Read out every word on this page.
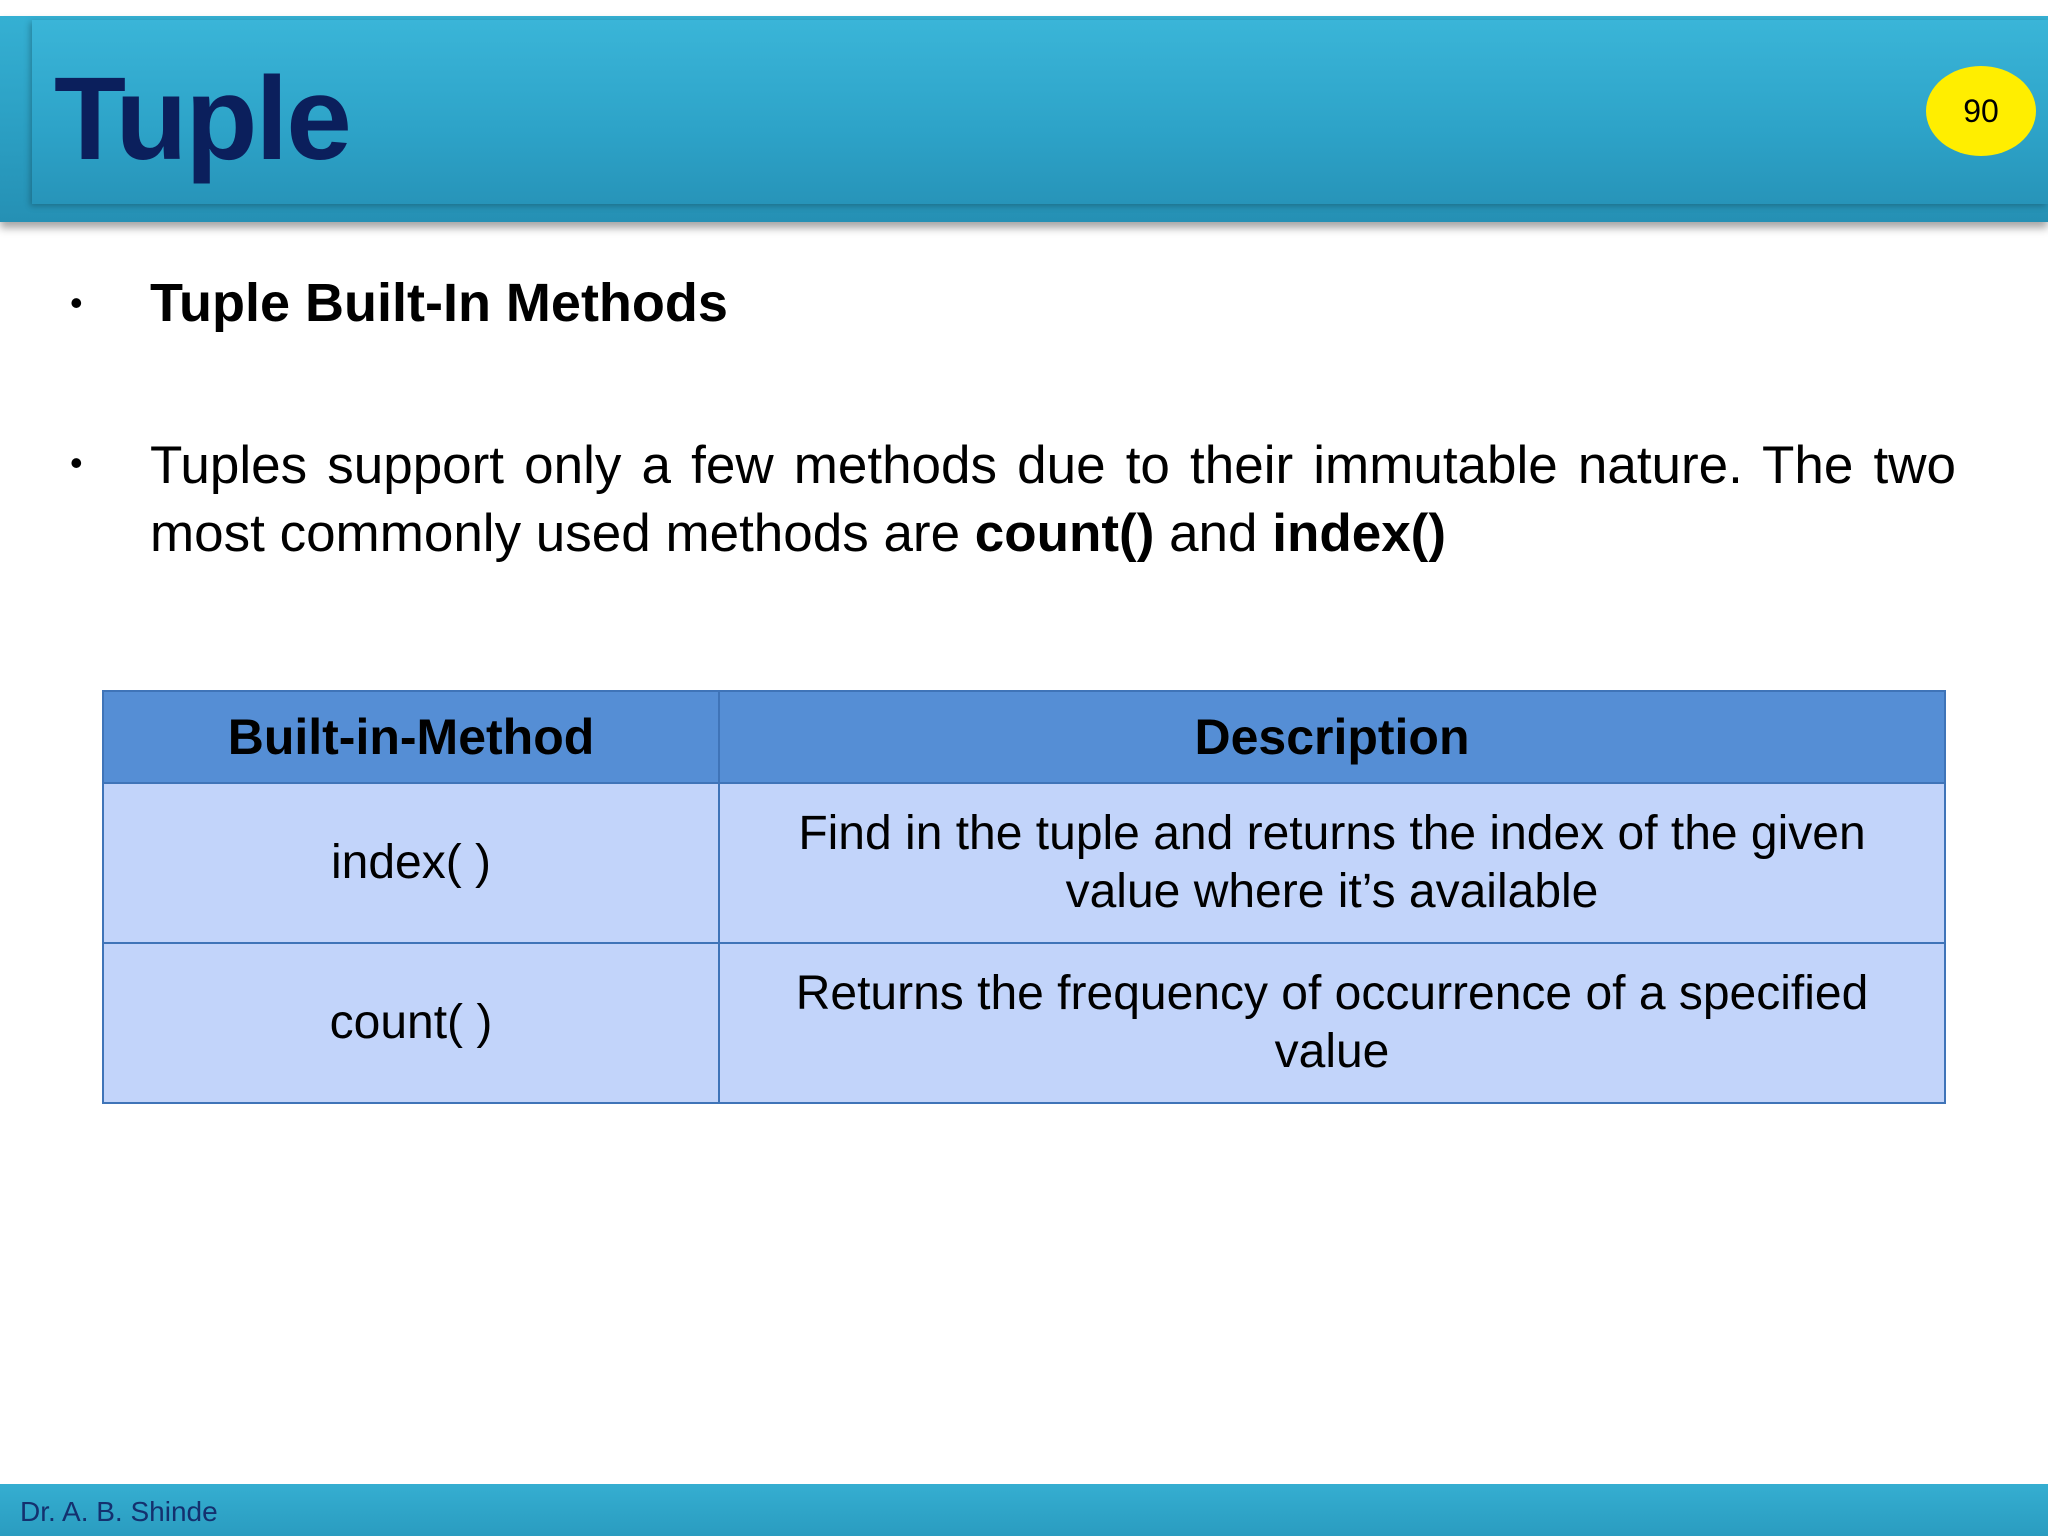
Tuple	90
• Tuple Built-In Methods
• Tuples support only a few methods due to their immutable nature. The two most commonly used methods are count() and index()
Built-in-Method	Description
index( )	Find in the tuple and returns the index of the given value where it’s available
count( )	Returns the frequency of occurrence of a specified value
Dr. A. B. Shinde
